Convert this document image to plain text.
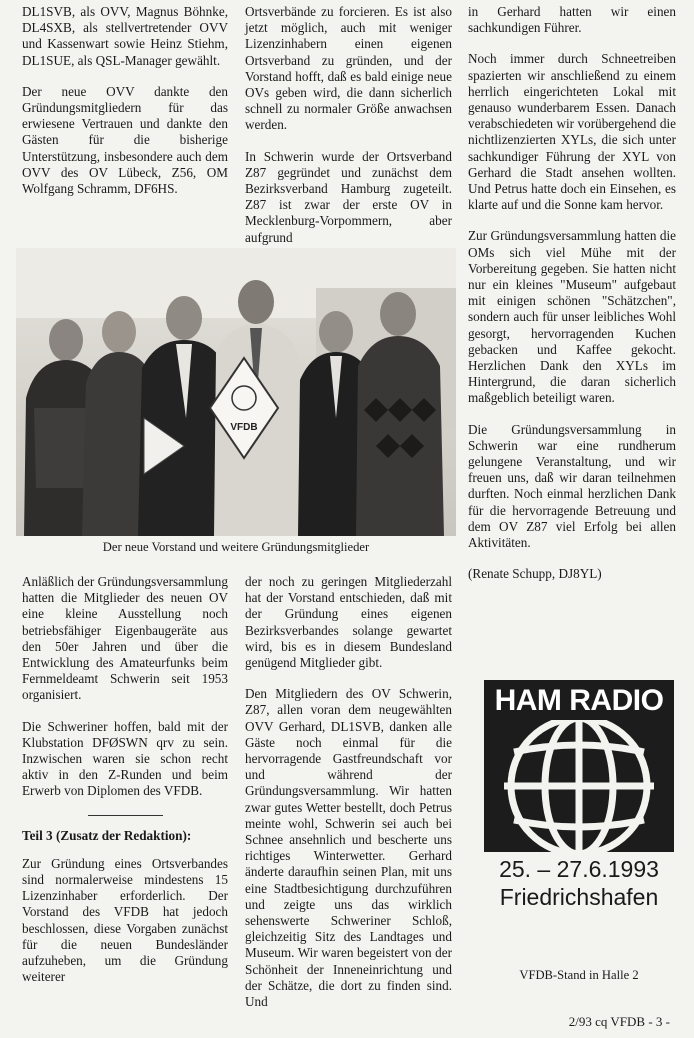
DL1SVB, als OVV, Magnus Böhnke, DL4SXB, als stellvertretender OVV und Kassenwart sowie Heinz Stiehm, DL1SUE, als QSL-Manager gewählt.

Der neue OVV dankte den Gründungsmitgliedern für das erwiesene Vertrauen und dankte den Gästen für die bisherige Unterstützung, insbesondere auch dem OVV des OV Lübeck, Z56, OM Wolfgang Schramm, DF6HS.

Ortsverbände zu forcieren. Es ist also jetzt möglich, auch mit weniger Lizenzinhabern einen eigenen Ortsverband zu gründen, und der Vorstand hofft, daß es bald einige neue OVs geben wird, die dann sicherlich schnell zu normaler Größe anwachsen werden.

In Schwerin wurde der Ortsverband Z87 gegründet und zunächst dem Bezirksverband Hamburg zugeteilt. Z87 ist zwar der erste OV in Mecklenburg-Vorpommern, aber aufgrund

in Gerhard hatten wir einen sachkundigen Führer.

Noch immer durch Schneetreiben spazierten wir anschließend zu einem herrlich eingerichteten Lokal mit genauso wunderbarem Essen. Danach verabschiedeten wir vorübergehend die nichtlizenzierten XYLs, die sich unter sachkundiger Führung der XYL von Gerhard die Stadt ansehen wollten. Und Petrus hatte doch ein Einsehen, es klarte auf und die Sonne kam hervor.

Zur Gründungsversammlung hatten die OMs sich viel Mühe mit der Vorbereitung gegeben. Sie hatten nicht nur ein kleines "Museum" aufgebaut mit einigen schönen "Schätzchen", sondern auch für unser leibliches Wohl gesorgt, hervorragenden Kuchen gebacken und Kaffee gekocht. Herzlichen Dank den XYLs im Hintergrund, die daran sicherlich maßgeblich beteiligt waren.

Die Gründungsversammlung in Schwerin war eine rundherum gelungene Veranstaltung, und wir freuen uns, daß wir daran teilnehmen durften. Noch einmal herzlichen Dank für die hervorragende Betreuung und dem OV Z87 viel Erfolg bei allen Aktivitäten.

(Renate Schupp, DJ8YL)

VFDB
Der neue Vorstand und weitere Gründungsmitglieder

Anläßlich der Gründungsversammlung hatten die Mitglieder des neuen OV eine kleine Ausstellung noch betriebsfähiger Eigenbaugeräte aus den 50er Jahren und über die Entwicklung des Amateurfunks beim Fernmeldeamt Schwerin seit 1953 organisiert.

Die Schweriner hoffen, bald mit der Klubstation DFØSWN qrv zu sein. Inzwischen waren sie schon recht aktiv in den Z-Runden und beim Erwerb von Diplomen des VFDB.

Teil 3 (Zusatz der Redaktion):

Zur Gründung eines Ortsverbandes sind normalerweise mindestens 15 Lizenzinhaber erforderlich. Der Vorstand des VFDB hat jedoch beschlossen, diese Vorgaben zunächst für die neuen Bundesländer aufzuheben, um die Gründung weiterer

der noch zu geringen Mitgliederzahl hat der Vorstand entschieden, daß mit der Gründung eines eigenen Bezirksverbandes solange gewartet wird, bis es in diesem Bundesland genügend Mitglieder gibt.

Den Mitgliedern des OV Schwerin, Z87, allen voran dem neugewählten OVV Gerhard, DL1SVB, danken alle Gäste noch einmal für die hervorragende Gastfreundschaft vor und während der Gründungsversammlung. Wir hatten zwar gutes Wetter bestellt, doch Petrus meinte wohl, Schwerin sei auch bei Schnee ansehnlich und bescherte uns richtiges Winterwetter. Gerhard änderte daraufhin seinen Plan, mit uns eine Stadtbesichtigung durchzuführen und zeigte uns das wirklich sehenswerte Schweriner Schloß, gleichzeitig Sitz des Landtages und Museum. Wir waren begeistert von der Schönheit der Inneneinrichtung und der Schätze, die dort zu finden sind. Und

HAM RADIO
25. – 27.6.1993
Friedrichshafen
VFDB-Stand in Halle 2
2/93 cq VFDB - 3 -
